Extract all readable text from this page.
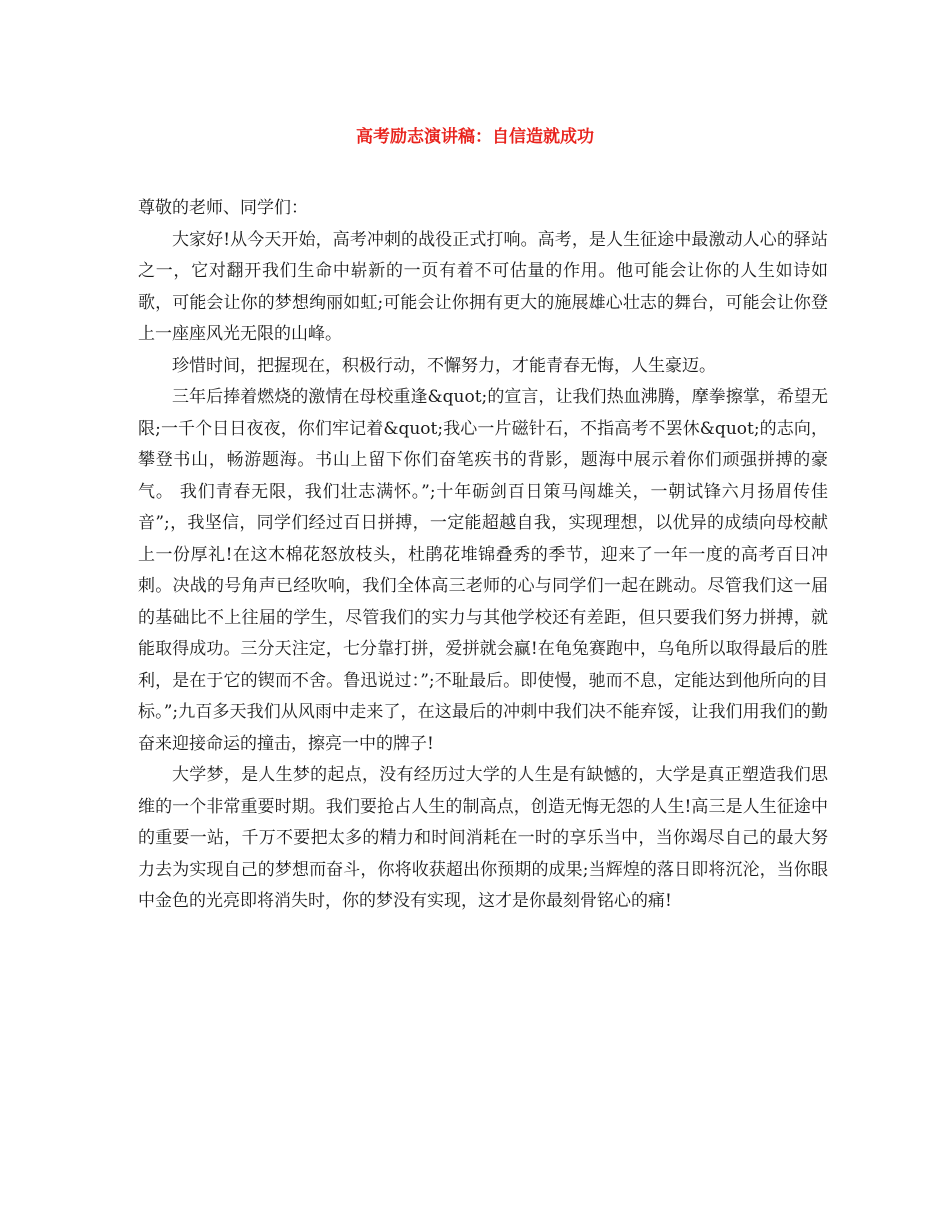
高考励志演讲稿：自信造就成功

尊敬的老师、同学们：

大家好!从今天开始，高考冲刺的战役正式打响。高考，是人生征途中最激动人心的驿站之一，它对翻开我们生命中崭新的一页有着不可估量的作用。他可能会让你的人生如诗如歌，可能会让你的梦想绚丽如虹;可能会让你拥有更大的施展雄心壮志的舞台，可能会让你登上一座座风光无限的山峰。

珍惜时间，把握现在，积极行动，不懈努力，才能青春无悔，人生豪迈。

三年后捧着燃烧的激情在母校重逢&quot;的宣言，让我们热血沸腾，摩拳擦掌，希望无限;一千个日日夜夜，你们牢记着&quot;我心一片磁针石，不指高考不罢休&quot;的志向，攀登书山，畅游题海。书山上留下你们奋笔疾书的背影，题海中展示着你们顽强拼搏的豪气。 我们青春无限，我们壮志满怀。”;十年砺剑百日策马闯雄关，一朝试锋六月扬眉传佳音”;，我坚信，同学们经过百日拼搏，一定能超越自我，实现理想，以优异的成绩向母校献上一份厚礼!在这木棉花怒放枝头，杜鹃花堆锦叠秀的季节，迎来了一年一度的高考百日冲刺。决战的号角声已经吹响，我们全体高三老师的心与同学们一起在跳动。尽管我们这一届的基础比不上往届的学生，尽管我们的实力与其他学校还有差距，但只要我们努力拼搏，就能取得成功。三分天注定，七分靠打拼，爱拼就会赢!在龟兔赛跑中，乌龟所以取得最后的胜利，是在于它的锲而不舍。鲁迅说过：”;不耻最后。即使慢，驰而不息，定能达到他所向的目标。”;九百多天我们从风雨中走来了，在这最后的冲刺中我们决不能弃馁，让我们用我们的勤奋来迎接命运的撞击，擦亮一中的牌子!

大学梦，是人生梦的起点，没有经历过大学的人生是有缺憾的，大学是真正塑造我们思维的一个非常重要时期。我们要抢占人生的制高点，创造无悔无怨的人生!高三是人生征途中的重要一站，千万不要把太多的精力和时间消耗在一时的享乐当中，当你竭尽自己的最大努力去为实现自己的梦想而奋斗，你将收获超出你预期的成果;当辉煌的落日即将沉沦，当你眼中金色的光亮即将消失时，你的梦没有实现，这才是你最刻骨铭心的痛!
